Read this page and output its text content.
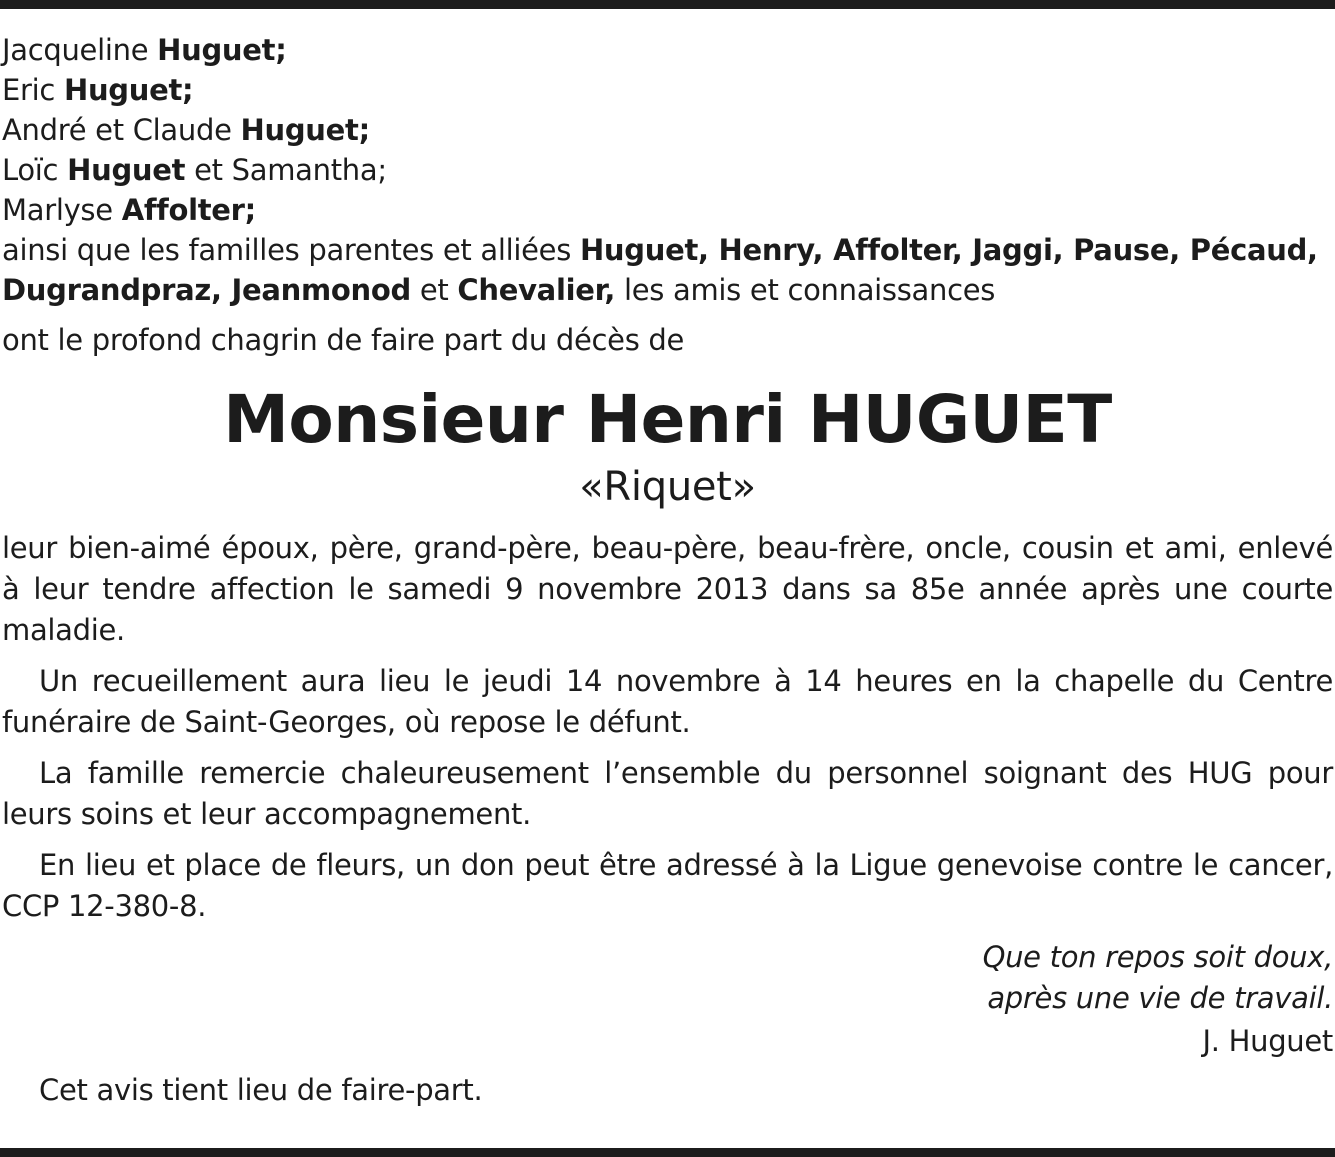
Jacqueline Huguet;
Eric Huguet;
André et Claude Huguet;
Loïc Huguet et Samantha;
Marlyse Affolter;
ainsi que les familles parentes et alliées Huguet, Henry, Affolter, Jaggi, Pause, Pécaud,
Dugrandpraz, Jeanmonod et Chevalier, les amis et connaissances
ont le profond chagrin de faire part du décès de
Monsieur Henri HUGUET
«Riquet»
leur bien-aimé époux, père, grand-père, beau-père, beau-frère, oncle, cousin et ami, enlevé à leur tendre affection le samedi 9 novembre 2013 dans sa 85e année après une courte maladie.
Un recueillement aura lieu le jeudi 14 novembre à 14 heures en la chapelle du Centre funéraire de Saint-Georges, où repose le défunt.
La famille remercie chaleureusement l’ensemble du personnel soignant des HUG pour leurs soins et leur accompagnement.
En lieu et place de fleurs, un don peut être adressé à la Ligue genevoise contre le cancer, CCP 12-380-8.
Que ton repos soit doux,
après une vie de travail.
J. Huguet
Cet avis tient lieu de faire-part.
